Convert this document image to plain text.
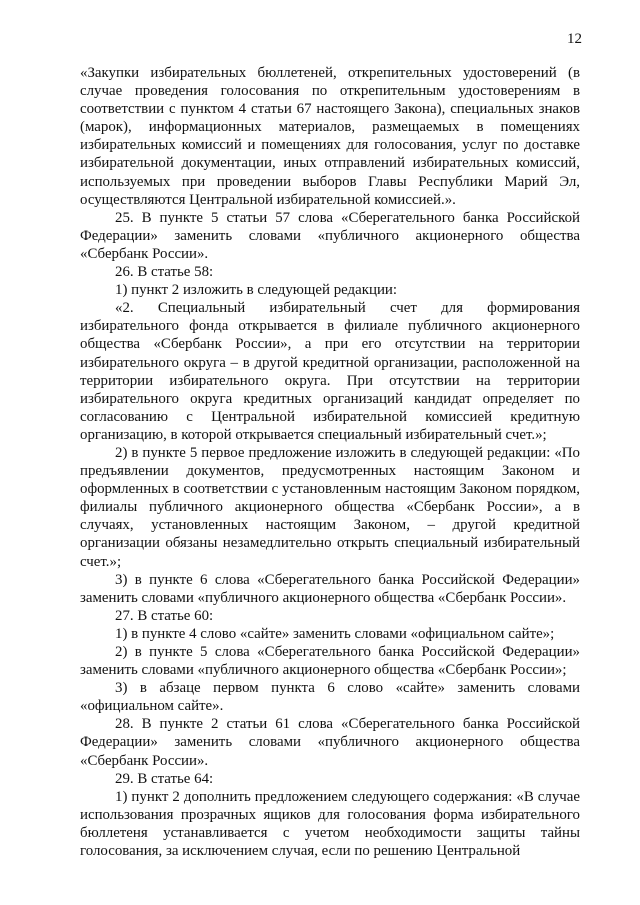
12

«Закупки избирательных бюллетеней, открепительных удостоверений (в случае проведения голосования по открепительным удостоверениям в соответствии с пунктом 4 статьи 67 настоящего Закона), специальных знаков (марок), информационных материалов, размещаемых в помещениях избирательных комиссий и помещениях для голосования, услуг по доставке избирательной документации, иных отправлений избирательных комиссий, используемых при проведении выборов Главы Республики Марий Эл, осуществляются Центральной избирательной комиссией.».

25. В пункте 5 статьи 57 слова «Сберегательного банка Российской Федерации» заменить словами «публичного акционерного общества «Сбербанк России».

26. В статье 58:

1) пункт 2 изложить в следующей редакции:

«2. Специальный избирательный счет для формирования избирательного фонда открывается в филиале публичного акционерного общества «Сбербанк России», а при его отсутствии на территории избирательного округа – в другой кредитной организации, расположенной на территории избирательного округа. При отсутствии на территории избирательного округа кредитных организаций кандидат определяет по согласованию с Центральной избирательной комиссией кредитную организацию, в которой открывается специальный избирательный счет.»;

2) в пункте 5 первое предложение изложить в следующей редакции: «По предъявлении документов, предусмотренных настоящим Законом и оформленных в соответствии с установленным настоящим Законом порядком, филиалы публичного акционерного общества «Сбербанк России», а в случаях, установленных настоящим Законом, – другой кредитной организации обязаны незамедлительно открыть специальный избирательный счет.»;

3) в пункте 6 слова «Сберегательного банка Российской Федерации» заменить словами «публичного акционерного общества «Сбербанк России».

27. В статье 60:

1) в пункте 4 слово «сайте» заменить словами «официальном сайте»;

2) в пункте 5 слова «Сберегательного банка Российской Федерации» заменить словами «публичного акционерного общества «Сбербанк России»;

3) в абзаце первом пункта 6 слово «сайте» заменить словами «официальном сайте».

28. В пункте 2 статьи 61 слова «Сберегательного банка Российской Федерации» заменить словами «публичного акционерного общества «Сбербанк России».

29. В статье 64:

1) пункт 2 дополнить предложением следующего содержания: «В случае использования прозрачных ящиков для голосования форма избирательного бюллетеня устанавливается с учетом необходимости защиты тайны голосования, за исключением случая, если по решению Центральной
